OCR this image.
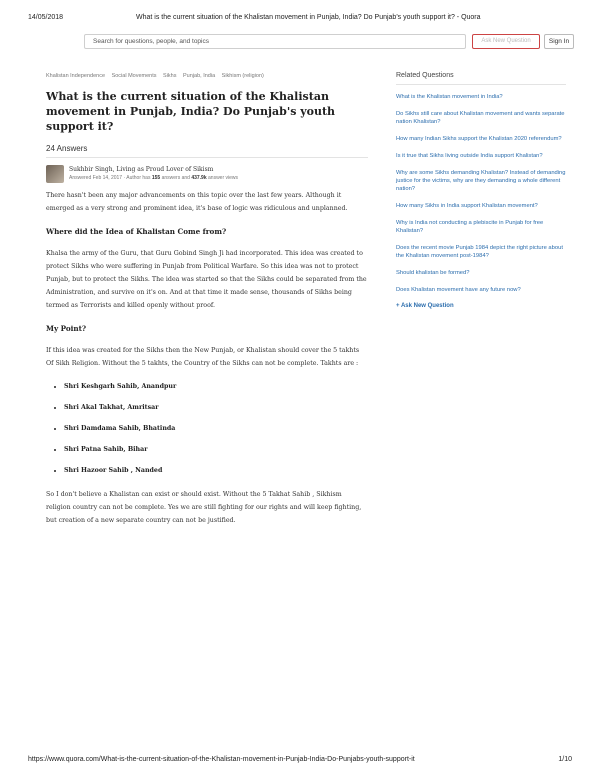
14/05/2018	What is the current situation of the Khalistan movement in Punjab, India? Do Punjab's youth support it? - Quora
Search for questions, people, and topics	Ask New Question	Sign In
Khalistan Independence Social Movements Sikhs Punjab, India Sikhism (religion)
What is the current situation of the Khalistan movement in Punjab, India? Do Punjab's youth support it?
24 Answers
Sukhbir Singh, Living as Proud Lover of Sikism
Answered Feb 14, 2017 · Author has 155 answers and 437.9k answer views

There hasn't been any major advancements on this topic over the last few years. Although it emerged as a very strong and prominent idea, it's base of logic was ridiculous and unplanned.

Where did the Idea of Khalistan Come from?

Khalsa the army of the Guru, that Guru Gobind Singh Ji had incorporated. This idea was created to protect Sikhs who were suffering in Punjab from Political Warfare. So this idea was not to protect Punjab, but to protect the Sikhs. The idea was started so that the Sikhs could be separated from the Administration, and survive on it's on. And at that time it made sense, thousands of Sikhs being termed as Terrorists and killed openly without proof.

My Point?

If this idea was created for the Sikhs then the New Punjab, or Khalistan should cover the 5 takhts Of Sikh Religion. Without the 5 takhts, the Country of the Sikhs can not be complete. Takhts are :

• Shri Keshgarh Sahib, Anandpur
• Shri Akal Takhat, Amritsar
• Shri Damdama Sahib, Bhatinda
• Shri Patna Sahib, Bihar
• Shri Hazoor Sahib , Nanded

So I don't believe a Khalistan can exist or should exist. Without the 5 Takhat Sahib , Sikhism religion country can not be complete. Yes we are still fighting for our rights and will keep fighting, but creation of a new separate country can not be justified.

Related Questions
What is the Khalistan movement in India?
Do Sikhs still care about Khalistan movement and wants separate nation Khalistan?
How many Indian Sikhs support the Khalistan 2020 referendum?
Is it true that Sikhs living outside India support Khalistan?
Why are some Sikhs demanding Khalistan? Instead of demanding justice for the victims, why are they demanding a whole different nation?
How many Sikhs in India support Khalistan movement?
Why is India not conducting a plebiscite in Punjab for free Khalistan?
Does the recent movie Punjab 1984 depict the right picture about the Khalistan movement post-1984?
Should khalistan be formed?
Does Khalistan movement have any future now?
+ Ask New Question
https://www.quora.com/What-is-the-current-situation-of-the-Khalistan-movement-in-Punjab-India-Do-Punjabs-youth-support-it	1/10
